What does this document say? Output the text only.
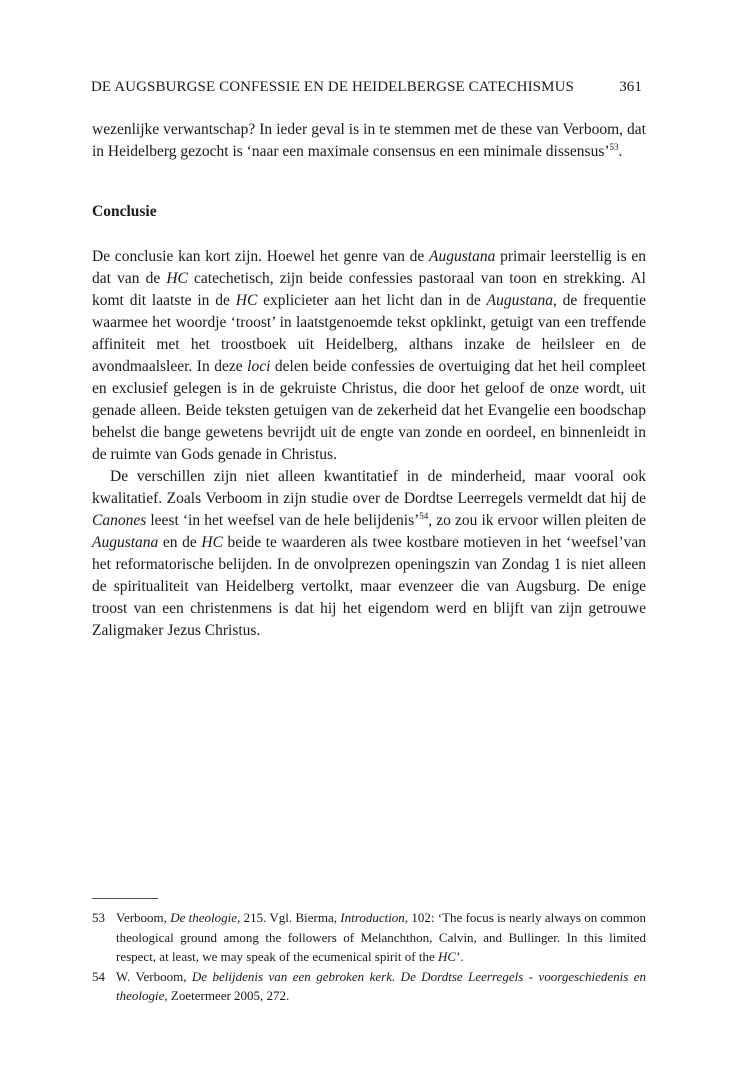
DE AUGSBURGSE CONFESSIE EN DE HEIDELBERGSE CATECHISMUS	361

wezenlijke verwantschap? In ieder geval is in te stemmen met de these van Verboom, dat in Heidelberg gezocht is ‘naar een maximale consensus en een minimale dissensus’$^{53}$.

Conclusie

De conclusie kan kort zijn. Hoewel het genre van de Augustana primair leerstellig is en dat van de HC catechetisch, zijn beide confessies pastoraal van toon en strekking. Al komt dit laatste in de HC explicieter aan het licht dan in de Augustana, de frequentie waarmee het woordje ‘troost’ in laatstgenoemde tekst opklinkt, getuigt van een treffende affiniteit met het troostboek uit Heidelberg, althans inzake de heilsleer en de avondmaalsleer. In deze loci delen beide confessies de overtuiging dat het heil compleet en exclusief gelegen is in de gekruiste Christus, die door het geloof de onze wordt, uit genade alleen. Beide teksten getuigen van de zekerheid dat het Evangelie een boodschap behelst die bange gewetens bevrijdt uit de engte van zonde en oordeel, en binnenleidt in de ruimte van Gods genade in Christus.

De verschillen zijn niet alleen kwantitatief in de minderheid, maar vooral ook kwalitatief. Zoals Verboom in zijn studie over de Dordtse Leerregels vermeldt dat hij de Canones leest ‘in het weefsel van de hele belijdenis’$^{54}$, zo zou ik ervoor willen pleiten de Augustana en de HC beide te waarderen als twee kostbare motieven in het ‘weefsel’van het reformatorische belijden. In de onvolprezen openingszin van Zondag 1 is niet alleen de spiritualiteit van Heidelberg vertolkt, maar evenzeer die van Augsburg. De enige troost van een christenmens is dat hij het eigendom werd en blijft van zijn getrouwe Zaligmaker Jezus Christus.

53 Verboom, De theologie, 215. Vgl. Bierma, Introduction, 102: ‘The focus is nearly always on common theological ground among the followers of Melanchthon, Calvin, and Bullinger. In this limited respect, at least, we may speak of the ecumenical spirit of the HC’.
54 W. Verboom, De belijdenis van een gebroken kerk. De Dordtse Leerregels - voorgeschiedenis en theologie, Zoetermeer 2005, 272.
